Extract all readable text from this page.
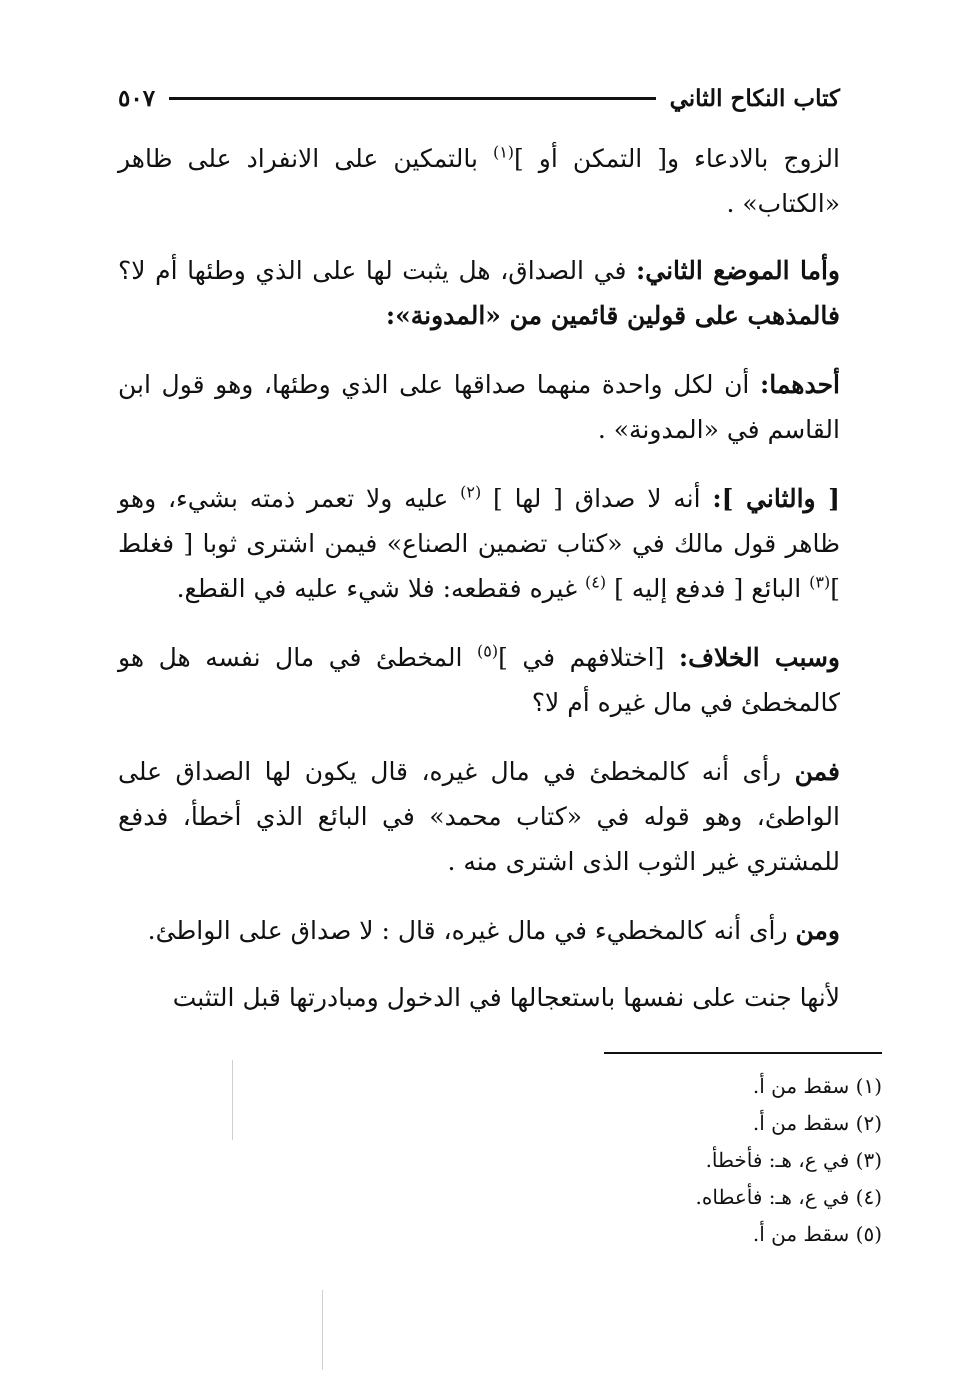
كتاب النكاح الثاني
٥٠٧

الزوج بالادعاء و[ التمكن أو ]$^{(١)}$ بالتمكين على الانفراد على ظاهر «الكتاب» .

وأما الموضع الثاني: في الصداق، هل يثبت لها على الذي وطئها أم لا؟ فالمذهب على قولين قائمين من «المدونة»:

أحدهما: أن لكل واحدة منهما صداقها على الذي وطئها، وهو قول ابن القاسم في «المدونة» .

[ والثاني ]: أنه لا صداق [ لها ] $^{(٢)}$ عليه ولا تعمر ذمته بشيء، وهو ظاهر قول مالك في «كتاب تضمين الصناع» فيمن اشترى ثوبا [ فغلط ]$^{(٣)}$ البائع [ فدفع إليه ] $^{(٤)}$ غيره فقطعه: فلا شيء عليه في القطع.

وسبب الخلاف: [اختلافهم في ]$^{(٥)}$ المخطئ في مال نفسه هل هو كالمخطئ في مال غيره أم لا؟

فمن رأى أنه كالمخطئ في مال غيره، قال يكون لها الصداق على الواطئ، وهو قوله في «كتاب محمد» في البائع الذي أخطأ، فدفع للمشتري غير الثوب الذى اشترى منه .

ومن رأى أنه كالمخطيء في مال غيره، قال : لا صداق على الواطئ.

لأنها جنت على نفسها باستعجالها في الدخول ومبادرتها قبل التثبت

(١) سقط من أ.

(٢) سقط من أ.

(٣) في ع، هـ: فأخطأ.

(٤) في ع، هـ: فأعطاه.

(٥) سقط من أ.
